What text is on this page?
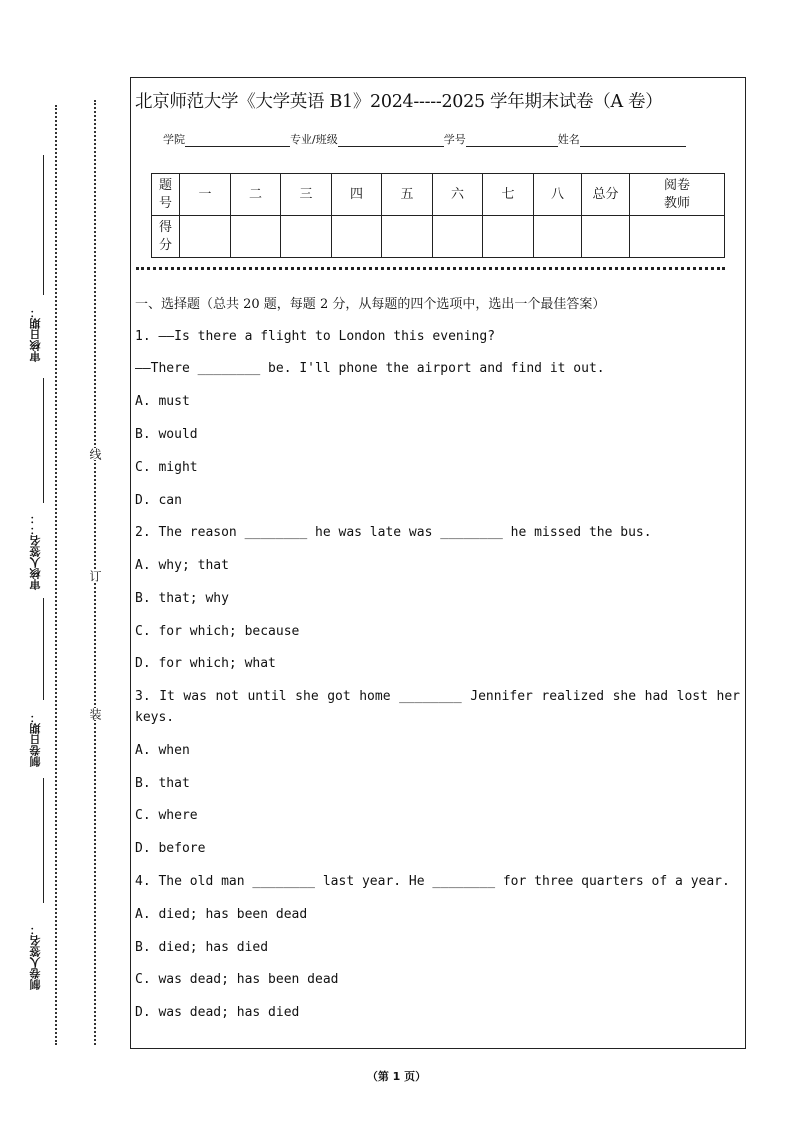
审核日期：
审核人签名：：
制卷日期：
制卷人签名：
线
订
装
北京师范大学《大学英语 B1》2024-----2025 学年期末试卷（A 卷）
学院	专业/班级	学号	姓名
题号	一	二	三	四	五	六	七	八	总分	阅卷教师

得分										

一、选择题（总共 20 题，每题 2 分，从每题的四个选项中，选出一个最佳答案）
1. ——Is there a flight to London this evening?
——There ________ be. I'll phone the airport and find it out.
A. must
B. would
C. might
D. can
2. The reason ________ he was late was ________ he missed the bus.
A. why; that
B. that; why
C. for which; because
D. for which; what
3. It was not until she got home ________ Jennifer realized she had lost her keys.
A. when
B. that
C. where
D. before
4. The old man ________ last year. He ________ for three quarters of a year.
A. died; has been dead
B. died; has died
C. was dead; has been dead
D. was dead; has died
（第 1 页）
